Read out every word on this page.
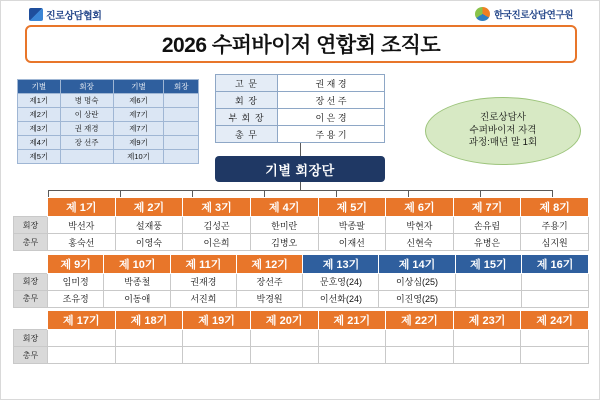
진로상담협회	한국진로상담연구원
2026 수퍼바이저 연합회 조직도
기별	회장	기별	회장
제1기	병 명숙	제6기	
제2기	이 상란	제7기	
제3기	권 재경	제7기	
제4기	장 선주	제9기	
제5기		제10기	
고 문	권 재 경
회 장	장 선 주
부 회 장	이 은 경
총 무	주 용 기
기별 회장단
진로상담사
수퍼바이저 자격
과정:매년 말 1회
	제 1기	제 2기	제 3기	제 4기	제 5기	제 6기	제 7기	제 8기
회장	박선자	설재풍	김성곤	한미란	박종팔	박현자	손유림	주용기
총무	홍숙선	이영숙	이은희	김병오	이재선	신현숙	유병은	심지원

	제 9기	제 10기	제 11기	제 12기	제 13기	제 14기	제 15기	제 16기
회장	임미정	박종철	권재경	장선주	문호영(24)	이상심(25)		
총무	조유정	이동애	서진희	박경원	이선화(24)	이진영(25)		

	제 17기	제 18기	제 19기	제 20기	제 21기	제 22기	제 23기	제 24기
회장								
총무								
